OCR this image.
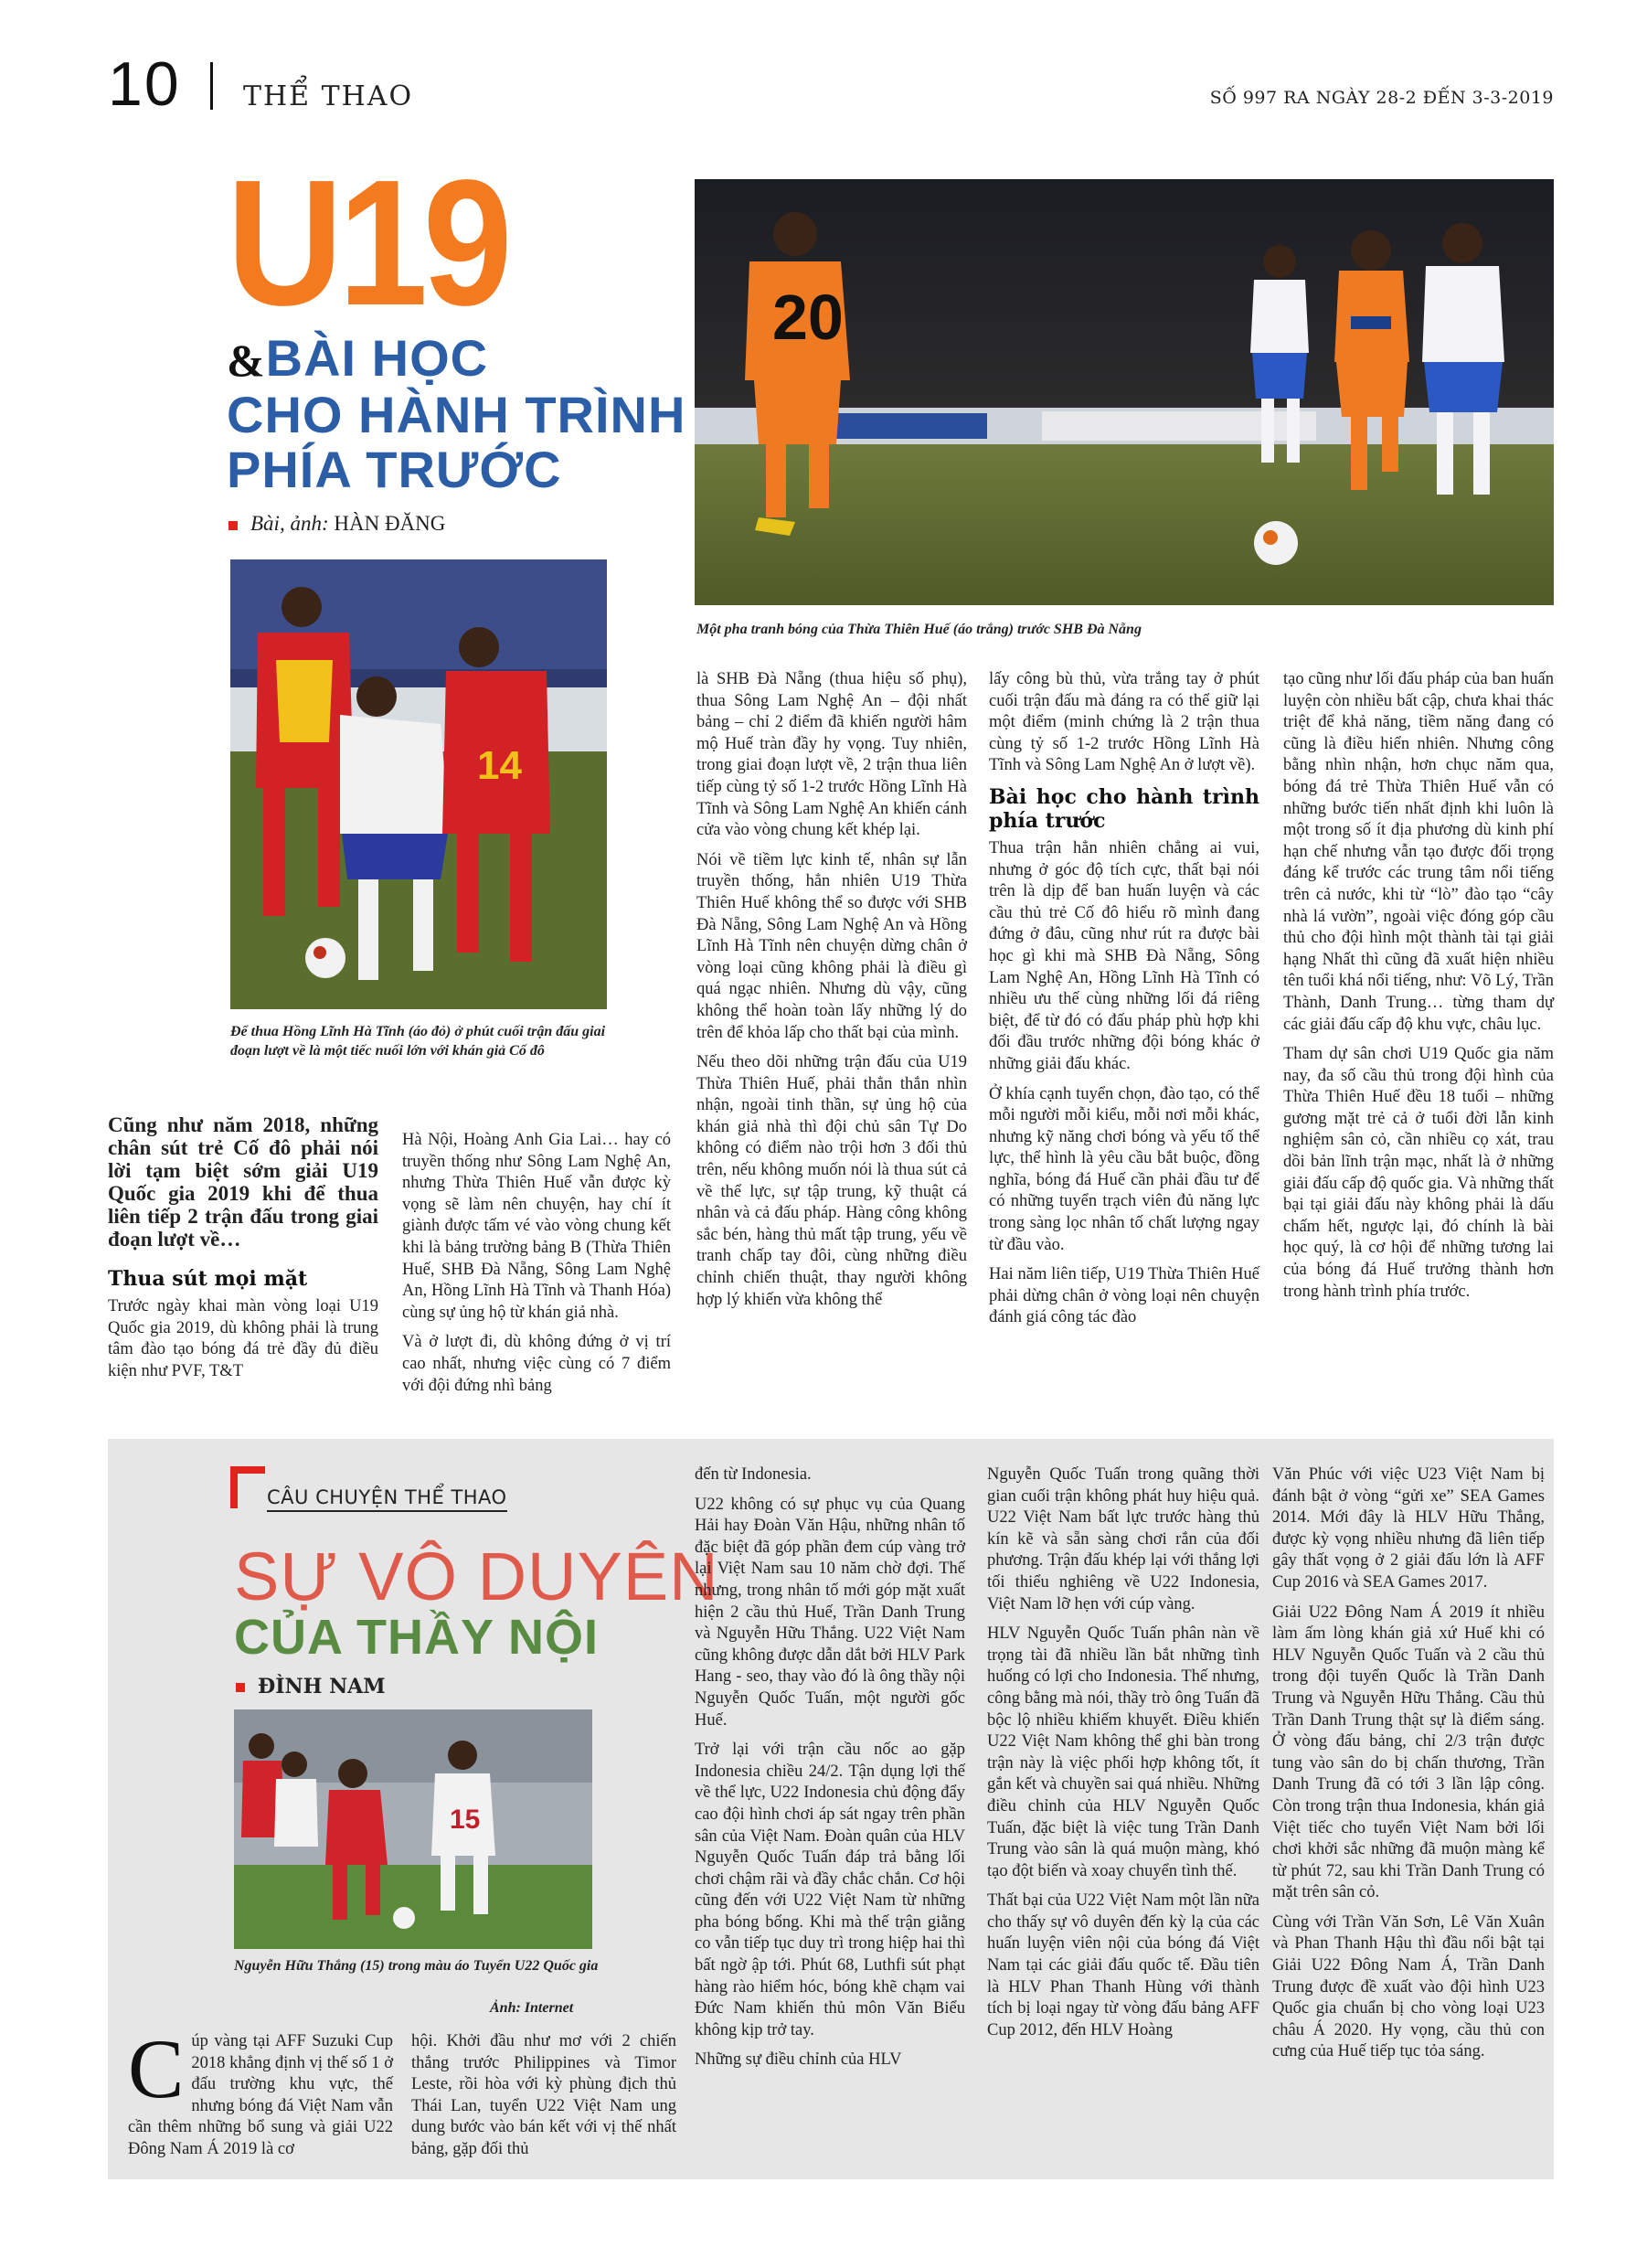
10 THỂ THAO	SỐ 997 RA NGÀY 28-2 ĐẾN 3-3-2019
U19
&BÀI HỌC
CHO HÀNH TRÌNH
PHÍA TRƯỚC
Bài, ảnh: HÀN ĐĂNG
20
Một pha tranh bóng của Thừa Thiên Huế (áo trắng) trước SHB Đà Nẵng
14
Để thua Hồng Lĩnh Hà Tĩnh (áo đỏ) ở phút cuối trận đấu giai đoạn lượt về là một tiếc nuối lớn với khán giả Cố đô

Cũng như năm 2018, những chân sút trẻ Cố đô phải nói lời tạm biệt sớm giải U19 Quốc gia 2019 khi để thua liên tiếp 2 trận đấu trong giai đoạn lượt về…

Thua sút mọi mặt

Trước ngày khai màn vòng loại U19 Quốc gia 2019, dù không phải là trung tâm đào tạo bóng đá trẻ đầy đủ điều kiện như PVF, T&T

Hà Nội, Hoàng Anh Gia Lai… hay có truyền thống như Sông Lam Nghệ An, nhưng Thừa Thiên Huế vẫn được kỳ vọng sẽ làm nên chuyện, hay chí ít giành được tấm vé vào vòng chung kết khi là bảng trường bảng B (Thừa Thiên Huế, SHB Đà Nẵng, Sông Lam Nghệ An, Hồng Lĩnh Hà Tĩnh và Thanh Hóa) cùng sự ủng hộ từ khán giả nhà.

Và ở lượt đi, dù không đứng ở vị trí cao nhất, nhưng việc cùng có 7 điểm với đội đứng nhì bảng

là SHB Đà Nẵng (thua hiệu số phụ), thua Sông Lam Nghệ An – đội nhất bảng – chỉ 2 điểm đã khiến người hâm mộ Huế tràn đầy hy vọng. Tuy nhiên, trong giai đoạn lượt về, 2 trận thua liên tiếp cùng tỷ số 1-2 trước Hồng Lĩnh Hà Tĩnh và Sông Lam Nghệ An khiến cánh cửa vào vòng chung kết khép lại.

Nói về tiềm lực kinh tế, nhân sự lẫn truyền thống, hẳn nhiên U19 Thừa Thiên Huế không thể so được với SHB Đà Nẵng, Sông Lam Nghệ An và Hồng Lĩnh Hà Tĩnh nên chuyện dừng chân ở vòng loại cũng không phải là điều gì quá ngạc nhiên. Nhưng dù vậy, cũng không thể hoàn toàn lấy những lý do trên để khỏa lấp cho thất bại của mình.

Nếu theo dõi những trận đấu của U19 Thừa Thiên Huế, phải thẳn thắn nhìn nhận, ngoài tinh thần, sự ủng hộ của khán giả nhà thì đội chủ sân Tự Do không có điểm nào trội hơn 3 đối thủ trên, nếu không muốn nói là thua sút cả về thể lực, sự tập trung, kỹ thuật cá nhân và cả đấu pháp. Hàng công không sắc bén, hàng thủ mất tập trung, yếu về tranh chấp tay đôi, cùng những điều chỉnh chiến thuật, thay người không hợp lý khiến vừa không thể

lấy công bù thủ, vừa trắng tay ở phút cuối trận đấu mà đáng ra có thể giữ lại một điểm (minh chứng là 2 trận thua cùng tỷ số 1-2 trước Hồng Lĩnh Hà Tĩnh và Sông Lam Nghệ An ở lượt về).

Bài học cho hành trình phía trước

Thua trận hẳn nhiên chẳng ai vui, nhưng ở góc độ tích cực, thất bại nói trên là dịp để ban huấn luyện và các cầu thủ trẻ Cố đô hiểu rõ mình đang đứng ở đâu, cũng như rút ra được bài học gì khi mà SHB Đà Nẵng, Sông Lam Nghệ An, Hồng Lĩnh Hà Tĩnh có nhiều ưu thế cùng những lối đá riêng biệt, để từ đó có đấu pháp phù hợp khi đối đầu trước những đội bóng khác ở những giải đấu khác.

Ở khía cạnh tuyển chọn, đào tạo, có thể mỗi người mỗi kiểu, mỗi nơi mỗi khác, nhưng kỹ năng chơi bóng và yếu tố thể lực, thể hình là yêu cầu bắt buộc, đồng nghĩa, bóng đá Huế cần phải đầu tư để có những tuyển trạch viên đủ năng lực trong sàng lọc nhân tố chất lượng ngay từ đầu vào.

Hai năm liên tiếp, U19 Thừa Thiên Huế phải dừng chân ở vòng loại nên chuyện đánh giá công tác đào

tạo cũng như lối đấu pháp của ban huấn luyện còn nhiều bất cập, chưa khai thác triệt để khả năng, tiềm năng đang có cũng là điều hiển nhiên. Nhưng công bằng nhìn nhận, hơn chục năm qua, bóng đá trẻ Thừa Thiên Huế vẫn có những bước tiến nhất định khi luôn là một trong số ít địa phương dù kinh phí hạn chế nhưng vẫn tạo được đối trọng đáng kể trước các trung tâm nổi tiếng trên cả nước, khi từ “lò” đào tạo “cây nhà lá vườn”, ngoài việc đóng góp cầu thủ cho đội hình một thành tài tại giải hạng Nhất thì cũng đã xuất hiện nhiều tên tuổi khá nổi tiếng, như: Võ Lý, Trần Thành, Danh Trung… từng tham dự các giải đấu cấp độ khu vực, châu lục.

Tham dự sân chơi U19 Quốc gia năm nay, đa số cầu thủ trong đội hình của Thừa Thiên Huế đều 18 tuổi – những gương mặt trẻ cả ở tuổi đời lẫn kinh nghiệm sân cỏ, cần nhiều cọ xát, trau dồi bản lĩnh trận mạc, nhất là ở những giải đấu cấp độ quốc gia. Và những thất bại tại giải đấu này không phải là dấu chấm hết, ngược lại, đó chính là bài học quý, là cơ hội để những tương lai của bóng đá Huế trưởng thành hơn trong hành trình phía trước.

CÂU CHUYỆN THỂ THAO
SỰ VÔ DUYÊN
CỦA THẦY NỘI
ĐÌNH NAM
15
Nguyễn Hữu Thắng (15) trong màu áo Tuyển U22 Quốc gia
Ảnh: Internet

Cúp vàng tại AFF Suzuki Cup 2018 khẳng định vị thế số 1 ở đấu trường khu vực, thế nhưng bóng đá Việt Nam vẫn cần thêm những bổ sung và giải U22 Đông Nam Á 2019 là cơ

hội. Khởi đầu như mơ với 2 chiến thắng trước Philippines và Timor Leste, rồi hòa với kỳ phùng địch thủ Thái Lan, tuyển U22 Việt Nam ung dung bước vào bán kết với vị thế nhất bảng, gặp đối thủ

đến từ Indonesia.

U22 không có sự phục vụ của Quang Hải hay Đoàn Văn Hậu, những nhân tố đặc biệt đã góp phần đem cúp vàng trở lại Việt Nam sau 10 năm chờ đợi. Thế nhưng, trong nhân tố mới góp mặt xuất hiện 2 cầu thủ Huế, Trần Danh Trung và Nguyễn Hữu Thắng. U22 Việt Nam cũng không được dẫn dắt bởi HLV Park Hang - seo, thay vào đó là ông thầy nội Nguyễn Quốc Tuấn, một người gốc Huế.

Trở lại với trận cầu nốc ao gặp Indonesia chiều 24/2. Tận dụng lợi thế về thể lực, U22 Indonesia chủ động đẩy cao đội hình chơi áp sát ngay trên phần sân của Việt Nam. Đoàn quân của HLV Nguyễn Quốc Tuấn đáp trả bằng lối chơi chậm rãi và đầy chắc chắn. Cơ hội cũng đến với U22 Việt Nam từ những pha bóng bổng. Khi mà thế trận giằng co vẫn tiếp tục duy trì trong hiệp hai thì bất ngờ ập tới. Phút 68, Luthfi sút phạt hàng rào hiểm hóc, bóng khẽ chạm vai Đức Nam khiến thủ môn Văn Biểu không kịp trở tay.

Những sự điều chỉnh của HLV

Nguyễn Quốc Tuấn trong quãng thời gian cuối trận không phát huy hiệu quả. U22 Việt Nam bất lực trước hàng thủ kín kẽ và sẵn sàng chơi rắn của đối phương. Trận đấu khép lại với thắng lợi tối thiểu nghiêng về U22 Indonesia, Việt Nam lỡ hẹn với cúp vàng.

HLV Nguyễn Quốc Tuấn phân nàn về trọng tài đã nhiều lần bắt những tình huống có lợi cho Indonesia. Thế nhưng, công bằng mà nói, thầy trò ông Tuấn đã bộc lộ nhiều khiếm khuyết. Điều khiến U22 Việt Nam không thể ghi bàn trong trận này là việc phối hợp không tốt, ít gắn kết và chuyền sai quá nhiều. Những điều chỉnh của HLV Nguyễn Quốc Tuấn, đặc biệt là việc tung Trần Danh Trung vào sân là quá muộn màng, khó tạo đột biến và xoay chuyển tình thế.

Thất bại của U22 Việt Nam một lần nữa cho thấy sự vô duyên đến kỳ lạ của các huấn luyện viên nội của bóng đá Việt Nam tại các giải đấu quốc tế. Đầu tiên là HLV Phan Thanh Hùng với thành tích bị loại ngay từ vòng đấu bảng AFF Cup 2012, đến HLV Hoàng

Văn Phúc với việc U23 Việt Nam bị đánh bật ở vòng “gửi xe” SEA Games 2014. Mới đây là HLV Hữu Thắng, được kỳ vọng nhiều nhưng đã liên tiếp gây thất vọng ở 2 giải đấu lớn là AFF Cup 2016 và SEA Games 2017.

Giải U22 Đông Nam Á 2019 ít nhiều làm ấm lòng khán giả xứ Huế khi có HLV Nguyễn Quốc Tuấn và 2 cầu thủ trong đội tuyển Quốc là Trần Danh Trung và Nguyễn Hữu Thắng. Cầu thủ Trần Danh Trung thật sự là điểm sáng. Ở vòng đấu bảng, chỉ 2/3 trận được tung vào sân do bị chấn thương, Trần Danh Trung đã có tới 3 lần lập công. Còn trong trận thua Indonesia, khán giả Việt tiếc cho tuyển Việt Nam bởi lối chơi khởi sắc những đã muộn màng kể từ phút 72, sau khi Trần Danh Trung có mặt trên sân cỏ.

Cùng với Trần Văn Sơn, Lê Văn Xuân và Phan Thanh Hậu thì đầu nổi bật tại Giải U22 Đông Nam Á, Trần Danh Trung được đề xuất vào đội hình U23 Quốc gia chuẩn bị cho vòng loại U23 châu Á 2020. Hy vọng, cầu thủ con cưng của Huế tiếp tục tỏa sáng.
